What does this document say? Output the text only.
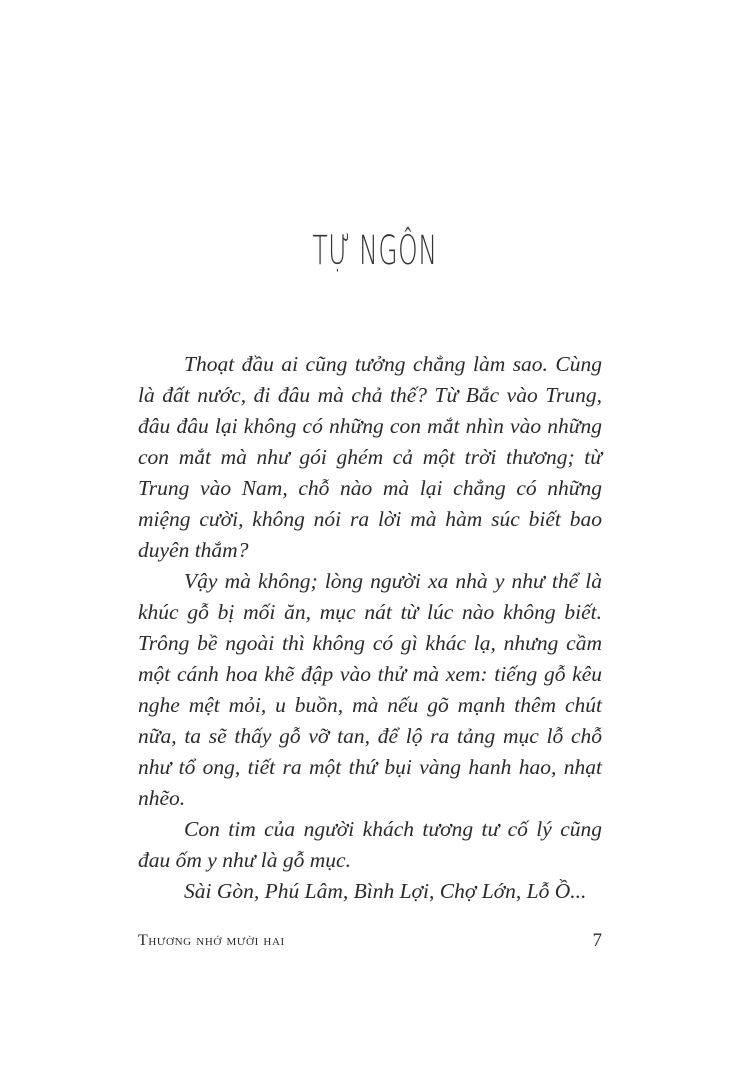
TỰ NGÔN

Thoạt đầu ai cũng tưởng chẳng làm sao. Cùng là đất nước, đi đâu mà chả thế? Từ Bắc vào Trung, đâu đâu lại không có những con mắt nhìn vào những con mắt mà như gói ghém cả một trời thương; từ Trung vào Nam, chỗ nào mà lại chẳng có những miệng cười, không nói ra lời mà hàm súc biết bao duyên thắm?

Vậy mà không; lòng người xa nhà y như thể là khúc gỗ bị mối ăn, mục nát từ lúc nào không biết. Trông bề ngoài thì không có gì khác lạ, nhưng cầm một cánh hoa khẽ đập vào thử mà xem: tiếng gỗ kêu nghe mệt mỏi, u buồn, mà nếu gõ mạnh thêm chút nữa, ta sẽ thấy gỗ vỡ tan, để lộ ra tảng mục lỗ chỗ như tổ ong, tiết ra một thứ bụi vàng hanh hao, nhạt nhẽo.

Con tim của người khách tương tư cố lý cũng đau ốm y như là gỗ mục.

Sài Gòn, Phú Lâm, Bình Lợi, Chợ Lớn, Lỗ Ồ...

Thương nhớ mười hai	7
